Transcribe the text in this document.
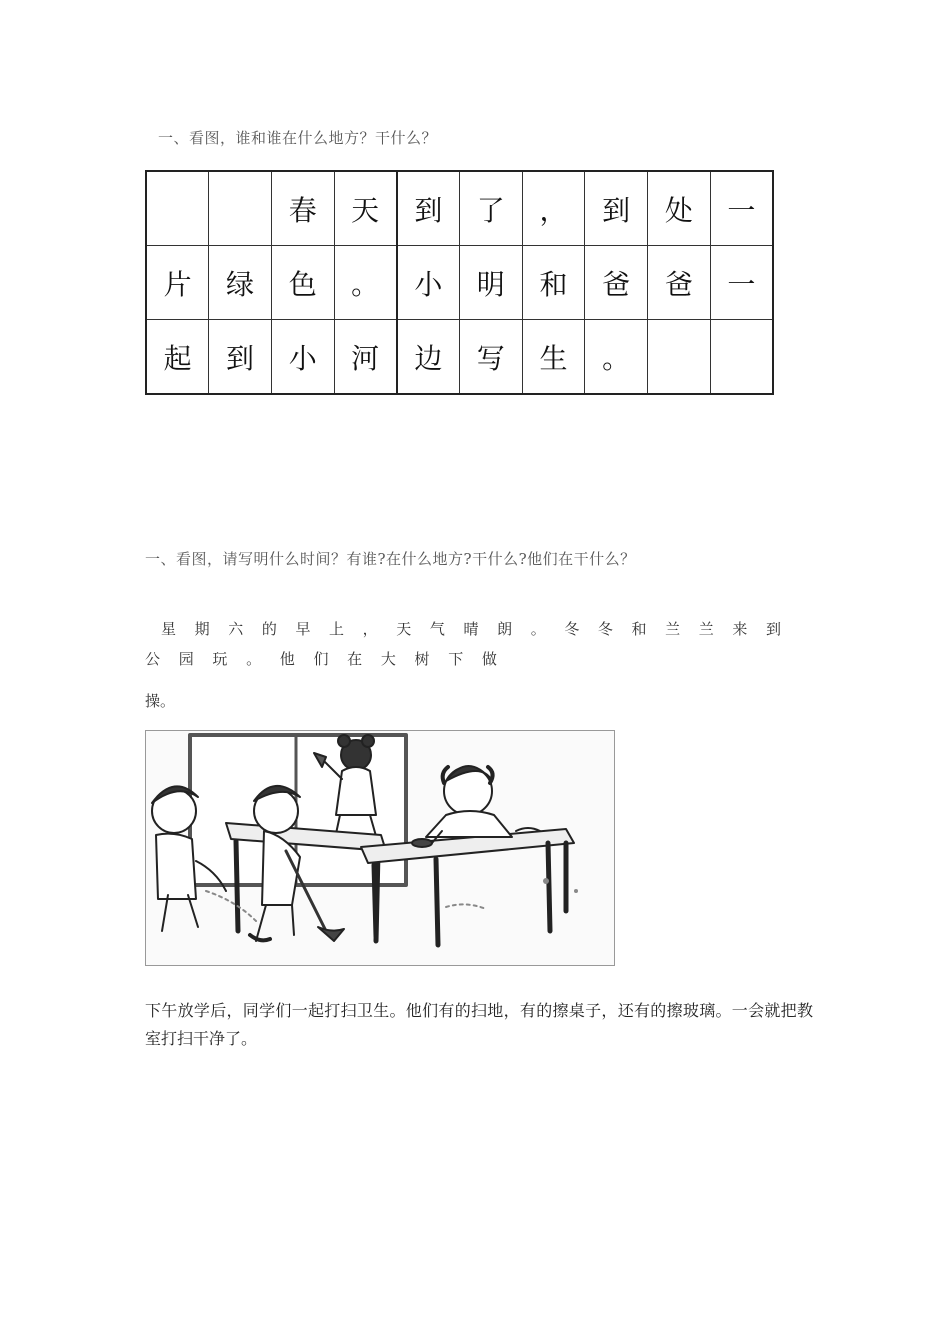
一、看图，谁和谁在什么地方？干什么？
		春	天	到	了	，	到	处	一
片	绿	色	。	小	明	和	爸	爸	一
起	到	小	河	边	写	生	。		
一、看图，请写明什么时间？有谁?在什么地方?干什么?他们在干什么？

星 期 六 的 早 上 ， 天 气 晴 朗 。 冬 冬 和 兰 兰 来 到

公 园 玩 。 他 们 在 大 树 下 做

操。

下午放学后，同学们一起打扫卫生。他们有的扫地，有的擦桌子，还有的擦玻璃。一会就把教室打扫干净了。
